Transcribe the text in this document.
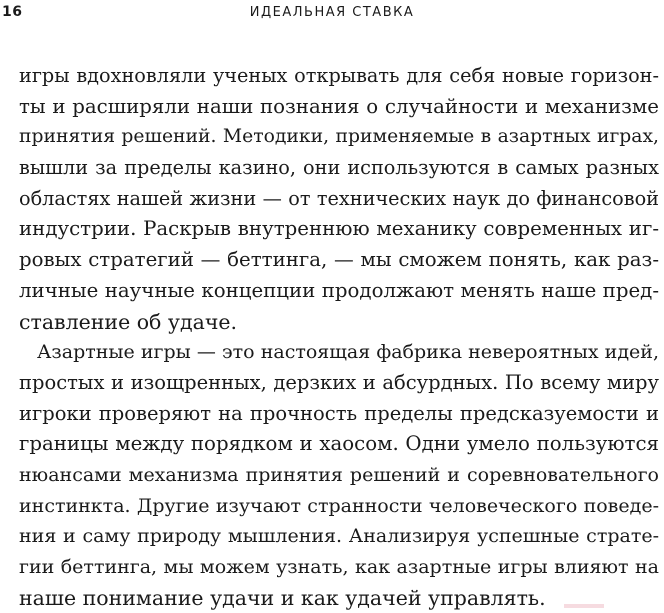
16	ИДЕАЛЬНАЯ СТАВКА
игры вдохновляли ученых открывать для себя новые горизон-
ты и расширяли наши познания о случайности и механизме
принятия решений. Методики, применяемые в азартных играх,
вышли за пределы казино, они используются в самых разных
областях нашей жизни — от технических наук до финансовой
индустрии. Раскрыв внутреннюю механику современных иг-
ровых стратегий — беттинга, — мы сможем понять, как раз-
личные научные концепции продолжают менять наше пред-
ставление об удаче.
Азартные игры — это настоящая фабрика невероятных идей,
простых и изощренных, дерзких и абсурдных. По всему миру
игроки проверяют на прочность пределы предсказуемости и
границы между порядком и хаосом. Одни умело пользуются
нюансами механизма принятия решений и соревновательного
инстинкта. Другие изучают странности человеческого поведе-
ния и саму природу мышления. Анализируя успешные страте-
гии беттинга, мы можем узнать, как азартные игры влияют на
наше понимание удачи и как удачей управлять.
